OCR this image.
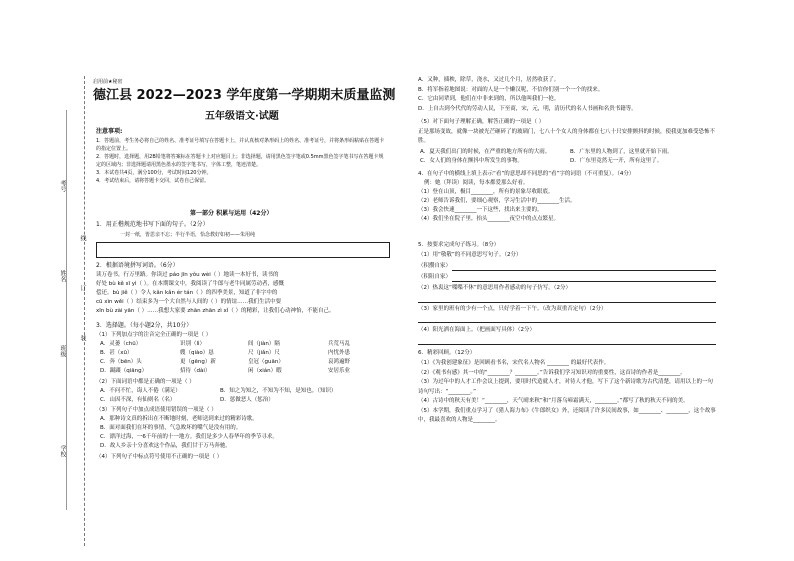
考号
姓名
班级
学校
线
订
装
启用前★秘密
德江县 2022—2023 学年度第一学期期末质量监测
五年级语文·试题
注意事项:
1．答题前，考生务必将自己的姓名、准考证号填写在答题卡上，并认真核对条形码上的姓名、准考证号，并将条形码粘贴在答题卡的指定位置上。
2．答题时，选择题，用2B铅笔将答案标在答题卡上对应题目上；非选择题，请用黑色签字笔或0.5mm黑色签字笔书写在答题卡规定的区域内；非选择题请用黑色墨水的签字笔书写，字体工整，笔迹清楚。
3．本试卷共4页，满分100分，考试时间120分钟。
4．考试结束后，请将答题卡交回，试卷自己保留。
第一部分 积累与运用（42分）
1．用正楷规范地书写下面的句子。（2分）
一封一纸，皆思亲不忘；半行半语，恰念教好如初——朱用纯
2．根据语境拼写词语。（6分）
读万卷书，行万里路。你读过 páo jīn yǒu wèi（ ）地读一本好书，读书的
好处 bù kě sī yì（ ）。在本期课文中，我阅读了牛郎与老牛同属劳动者，感慨
偿还。bù jiě（ ）令人 kǎn kǎn ér tán（ ）的四季美景，知道了非字中的
cū xìn wěi（ ）结束多为一个大自然与人间的（ ）的情谊……我们生活中要
xīn bù zài yān（ ）……我想大家要 zhān zhān zì xǐ（ ）的精彩，让我们心动神怡，不能自己。
3．选择题。（每小题2分，共10分）
（1）下列加点字的注音完全正确的一项是（ ）
A．灵萎（chū）	识别（lì）	间（jiàn）隔	兵荒马乱
B．甚（xū）	嫂（qiào）恳	尺（jiǎn）尺	内忧外患
C．奔（bēn）头	更（gēng）新	皇冠（guān）	哀鸿遍野
D．蹑蹑（qiāng）	招待（dài）	闲（xián）暇	安居乐业
（2）下面词语中都是正确的一项是（ ）
A．不问不忙，诲人不倦（满足）	B．知之为知之，不知为不知，是知也。（知识）
C．山因不深，有仙则名（名）	D．惩做恶人（惩治）
（3）下列句子中加点成语使用错误的一项是（ ）
A．那种诗文真的拆出在不断地时刻，老师送到来过的精彩诗歌。
B．面对面我们在坏的事情，气急败坏的嘴气是没有用的。
C．漂洋过海，一6千年前的十一地方。我们是多少人春华年的季节寻求。
D．故人乡亲十分喜欢这个作品，我们甘于万马奔驰。
（4）下列句子中标点符号使用不正确的一项是（ ）
A．又种，插秧，除草，浇水，又过几个月，居然收获了。
B．将军指着地图说：对面的人是一个懒汉呢，不信你们别一个一个的找来。
C．它由同辈到，他们在中非来到的，所以他叫我们一抢。
D．上自古到今代代的劳动人民，下至商，宋，元，明，清历代的名人书画和名贵书籍等。
（5）对下面句子理解正确，解答正确的一项是（ ）
正是那场变故，就像一块被光芒砸碎了的玻璃门，七八十个女人的身体都在七八十只安排颤抖的时候，使我更加难受恐怖不胜。
A．夏天我们出门的时候，在严重的地方所有的大雨。	B．广东里的人物到了，这里就开始下雨。
C．女人们的身体在颤抖中所发生的事物。	D．广东里竟然无一开，所有这里了。
4．在句子中的横线上填上表示“看”的意思却不同思的“看”字的词语（不可重复）。（4分）
例：她（拜读）阅读，每本都爱那么好看。
（1）登在山顶，极目________，所有的景象尽收眼底。
（2）老师告诉我们，要细心观察，学习生活中的________生活。
（3）我会快速________一下这些，找出来主要的。
（4）我们坐在院子里，抬头________夜空中的点点繁星。
5．按要求完成句子练习。（8分）
（1）用“敬敬”的不同意思写句子。（2分）
（积攒自家）
（积阻自家）
（2）热衷这“喋喋不休”的意思用作者感动的句子仿写。（2分）
（3）家里的班有的少有一个点，只好学着一下午。（改为双重否定句）（2分）
（4）阳光洒在海面上。（把画面写具体）（2分）
6．精彩回顾。（12分）
（1）《为我创建象征》是回顾看书名，宋代名人物名 ________ 的最好代表作。
（2）《观书有感》其一中的“________？________。”告诉我们学习知识对的重要性，这首诗的作者是________。
（3）为过年中的人才工作会议上提到，要用时代造就人才，对待人才他，写下了这个新诗歌为古代清楚，请用以上的一句诗句写出：“________。”
（4）古诗中的秋天有美！“________，天气晴来秋”和“月落乌啼霜满天，________。”都写了秋的秋天不同的美。
（5）本学期，我们重点学习了《猎人海力布》《牛郎织女》外，还阅读了许多民间故事，如________、________，这个故事中，我最喜欢的人物是________。
